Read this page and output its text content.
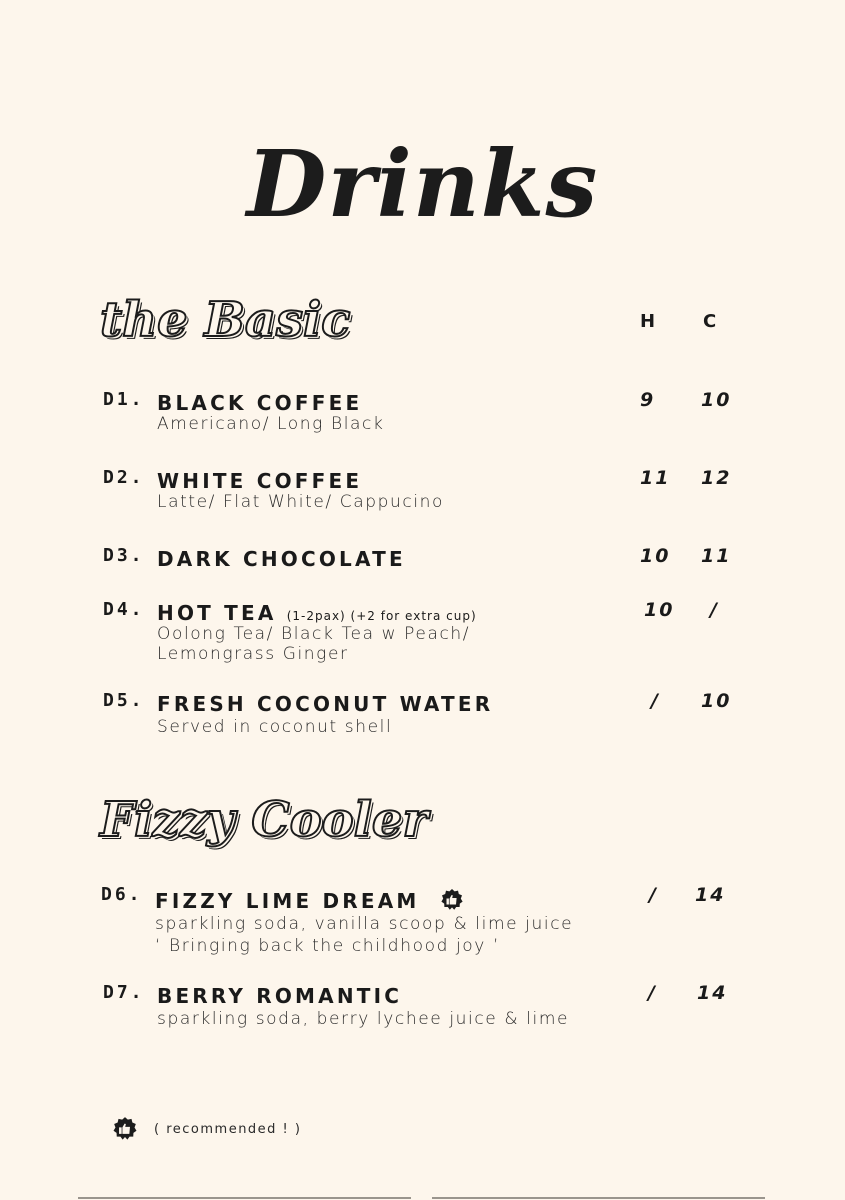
Drinks
the Basic	H	C
D1. BLACK COFFEE
Americano/ Long Black
9 10
D2. WHITE COFFEE
Latte/ Flat White/ Cappucino
11 12
D3. DARK CHOCOLATE	10 11
D4. HOT TEA (1-2pax) (+2 for extra cup)
Oolong Tea/ Black Tea w Peach/
Lemongrass Ginger
10 /
D5. FRESH COCONUT WATER
Served in coconut shell
/ 10
Fizzy Cooler
D6. FIZZY LIME DREAM
sparkling soda, vanilla scoop & lime juice
‘ Bringing back the childhood joy ’
/ 14
D7. BERRY ROMANTIC
sparkling soda, berry lychee juice & lime
/ 14
( recommended ! )
